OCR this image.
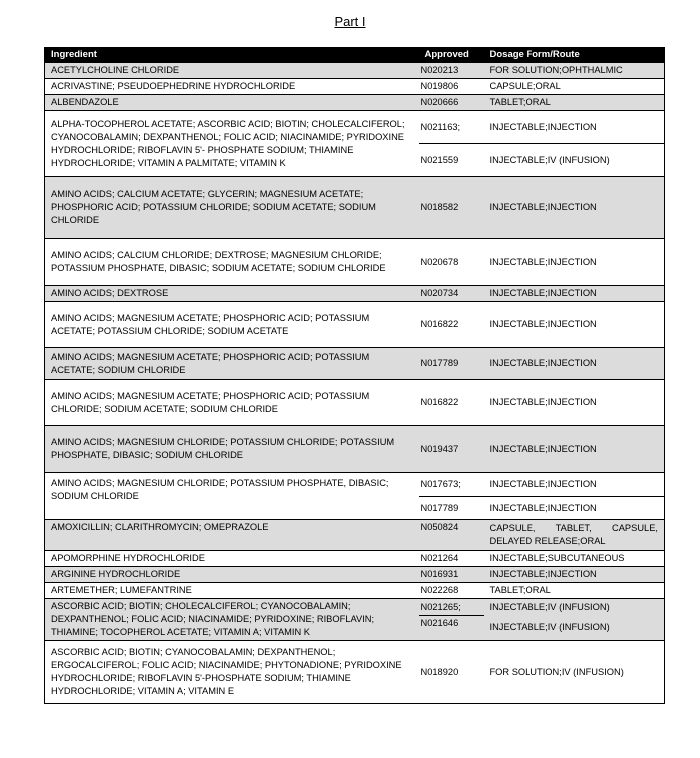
Part I
Ingredient	Approved	Dosage Form/Route
ACETYLCHOLINE CHLORIDE	N020213	FOR SOLUTION;OPHTHALMIC
ACRIVASTINE; PSEUDOEPHEDRINE HYDROCHLORIDE	N019806	CAPSULE;ORAL
ALBENDAZOLE	N020666	TABLET;ORAL
ALPHA-TOCOPHEROL ACETATE; ASCORBIC ACID; BIOTIN; CHOLECALCIFEROL; CYANOCOBALAMIN; DEXPANTHENOL; FOLIC ACID; NIACINAMIDE; PYRIDOXINE HYDROCHLORIDE; RIBOFLAVIN 5'- PHOSPHATE SODIUM; THIAMINE HYDROCHLORIDE; VITAMIN A PALMITATE; VITAMIN K	N021163;	INJECTABLE;INJECTION
	N021559	INJECTABLE;IV (INFUSION)
AMINO ACIDS; CALCIUM ACETATE; GLYCERIN; MAGNESIUM ACETATE; PHOSPHORIC ACID; POTASSIUM CHLORIDE; SODIUM ACETATE; SODIUM CHLORIDE	N018582	INJECTABLE;INJECTION
AMINO ACIDS; CALCIUM CHLORIDE; DEXTROSE; MAGNESIUM CHLORIDE; POTASSIUM PHOSPHATE, DIBASIC; SODIUM ACETATE; SODIUM CHLORIDE	N020678	INJECTABLE;INJECTION
AMINO ACIDS; DEXTROSE	N020734	INJECTABLE;INJECTION
AMINO ACIDS; MAGNESIUM ACETATE; PHOSPHORIC ACID; POTASSIUM ACETATE; POTASSIUM CHLORIDE; SODIUM ACETATE	N016822	INJECTABLE;INJECTION
AMINO ACIDS; MAGNESIUM ACETATE; PHOSPHORIC ACID; POTASSIUM ACETATE; SODIUM CHLORIDE	N017789	INJECTABLE;INJECTION
AMINO ACIDS; MAGNESIUM ACETATE; PHOSPHORIC ACID; POTASSIUM CHLORIDE; SODIUM ACETATE; SODIUM CHLORIDE	N016822	INJECTABLE;INJECTION
AMINO ACIDS; MAGNESIUM CHLORIDE; POTASSIUM CHLORIDE; POTASSIUM PHOSPHATE, DIBASIC; SODIUM CHLORIDE	N019437	INJECTABLE;INJECTION
AMINO ACIDS; MAGNESIUM CHLORIDE; POTASSIUM PHOSPHATE, DIBASIC; SODIUM CHLORIDE	N017673;	INJECTABLE;INJECTION
	N017789	INJECTABLE;INJECTION
AMOXICILLIN; CLARITHROMYCIN; OMEPRAZOLE	N050824	CAPSULE, TABLET, CAPSULE, DELAYED RELEASE;ORAL
APOMORPHINE HYDROCHLORIDE	N021264	INJECTABLE;SUBCUTANEOUS
ARGININE HYDROCHLORIDE	N016931	INJECTABLE;INJECTION
ARTEMETHER; LUMEFANTRINE	N022268	TABLET;ORAL
ASCORBIC ACID; BIOTIN; CHOLECALCIFEROL; CYANOCOBALAMIN; DEXPANTHENOL; FOLIC ACID; NIACINAMIDE; PYRIDOXINE; RIBOFLAVIN; THIAMINE; TOCOPHEROL ACETATE; VITAMIN A; VITAMIN K	N021265;	INJECTABLE;IV (INFUSION)
	N021646	INJECTABLE;IV (INFUSION)
ASCORBIC ACID; BIOTIN; CYANOCOBALAMIN; DEXPANTHENOL; ERGOCALCIFEROL; FOLIC ACID; NIACINAMIDE; PHYTONADIONE; PYRIDOXINE HYDROCHLORIDE; RIBOFLAVIN 5'-PHOSPHATE SODIUM; THIAMINE HYDROCHLORIDE; VITAMIN A; VITAMIN E	N018920	FOR SOLUTION;IV (INFUSION)
